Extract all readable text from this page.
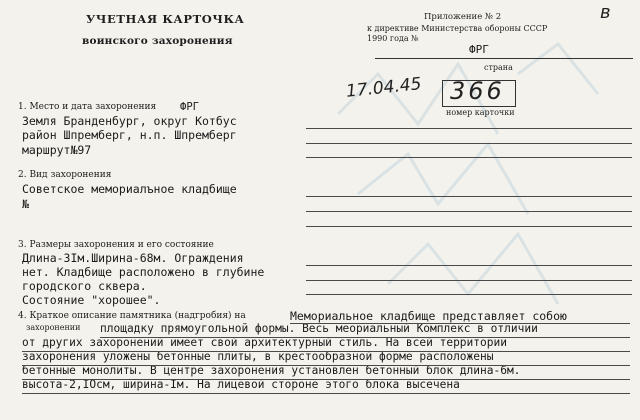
УЧЕТНАЯ КАРТОЧКА
воинского захоронения
Приложение № 2	в
к директиве Министерства обороны СССР
1990 года №
ФРГ
страна
17.04.45 366
номер карточки
1. Место и дата захоронения ФРГ
Земля Бранденбург, округ Котбус
район Шпремберг, н.п. Шпремберг
маршрут№97
2. Вид захоронения
Советское мемориалъное кладбище
№
3. Размеры захоронения и его состояние
Длина-3Iм.Ширина-68м. Ограждения
нет. Кладбище расположено в глубине
городского сквера.
Состояние "хорошее".
4. Краткое описание памятника (надгробия) на
захоронении
Мемориальное кладбище представляет собою
площадку прямоугольной формы. Весь меориальный Комплекс в отличии
от других захоронений имеет свой архитектурный стиль. На всей территории
захоронения уложены бетонные плиты, в крестообразной форме расположены
бетонные монолиты. В центре захоронения установлен бетонный блок длина-6м.
высота-2,IОсм, ширина-Iм. На лицевой стороне этого блока высечена
